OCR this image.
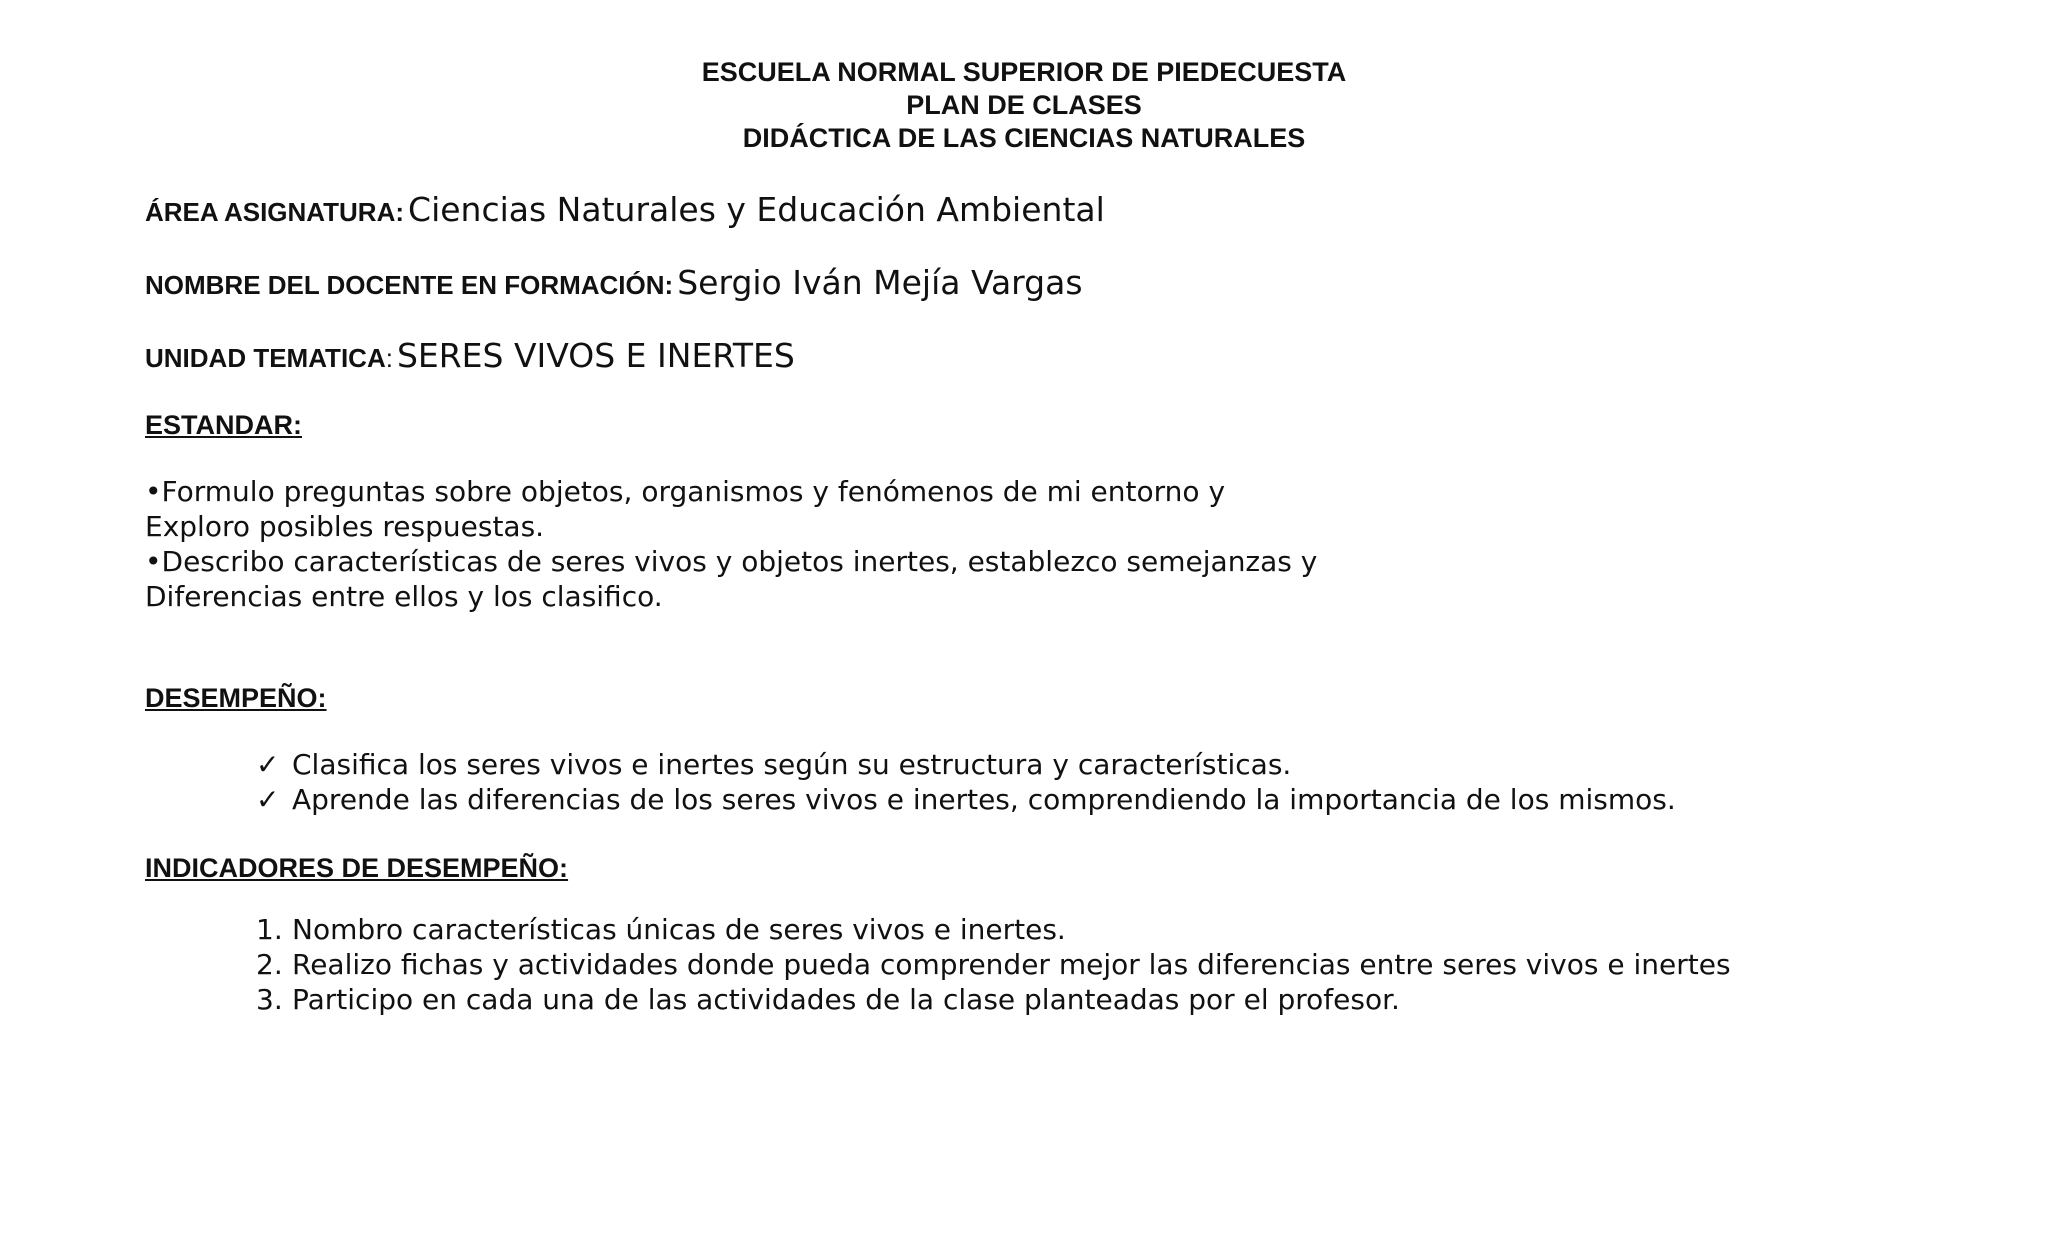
ESCUELA NORMAL SUPERIOR DE PIEDECUESTA
PLAN DE CLASES
DIDÁCTICA DE LAS CIENCIAS NATURALES
ÁREA ASIGNATURA: Ciencias Naturales y Educación Ambiental
NOMBRE DEL DOCENTE EN FORMACIÓN: Sergio Iván Mejía Vargas
UNIDAD TEMATICA: SERES VIVOS E INERTES
ESTANDAR:
•Formulo preguntas sobre objetos, organismos y fenómenos de mi entorno y
Exploro posibles respuestas.
•Describo características de seres vivos y objetos inertes, establezco semejanzas y
Diferencias entre ellos y los clasifico.
DESEMPEÑO:
✓ Clasifica los seres vivos e inertes según su estructura y características.
✓ Aprende las diferencias de los seres vivos e inertes, comprendiendo la importancia de los mismos.
INDICADORES DE DESEMPEÑO:
1. Nombro características únicas de seres vivos e inertes.
2. Realizo fichas y actividades donde pueda comprender mejor las diferencias entre seres vivos e inertes
3. Participo en cada una de las actividades de la clase planteadas por el profesor.
